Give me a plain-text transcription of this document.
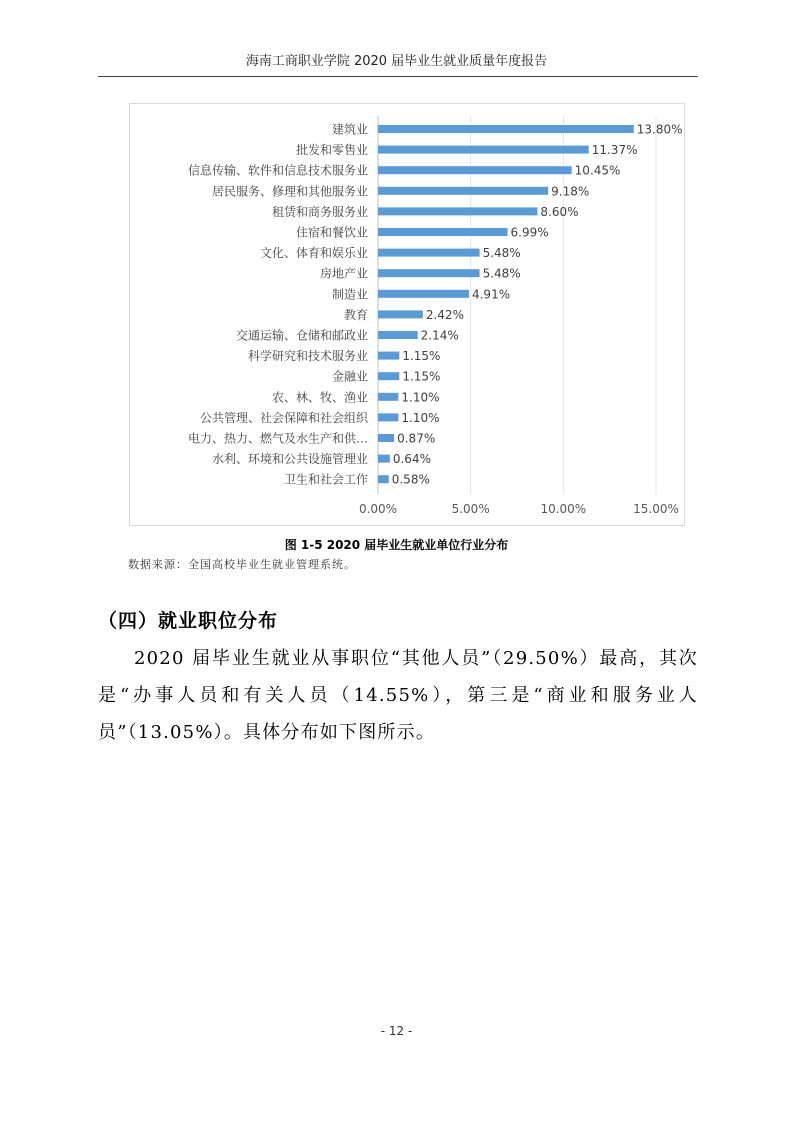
海南工商职业学院 2020 届毕业生就业质量年度报告
0.00%	5.00%	10.00%	15.00%
建筑业	13.80%
批发和零售业	11.37%
信息传输、软件和信息技术服务业	10.45%
居民服务、修理和其他服务业	9.18%
租赁和商务服务业	8.60%
住宿和餐饮业	6.99%
文化、体育和娱乐业	5.48%
房地产业	5.48%
制造业	4.91%
教育	2.42%
交通运输、仓储和邮政业	2.14%
科学研究和技术服务业	1.15%
金融业	1.15%
农、林、牧、渔业	1.10%
公共管理、社会保障和社会组织	1.10%
电力、热力、燃气及水生产和供… 0.87%
水利、环境和公共设施管理业 0.64%
卫生和社会工作 0.58%
图 1-5 2020 届毕业生就业单位行业分布
数据来源：全国高校毕业生就业管理系统。
（四）就业职位分布
2020 届毕业生就业从事职位“其他人员”（29.50%）最高，其次是“办事人员和有关人员（14.55%），第三是“商业和服务业人员”（13.05%）。具体分布如下图所示。
- 12 -
